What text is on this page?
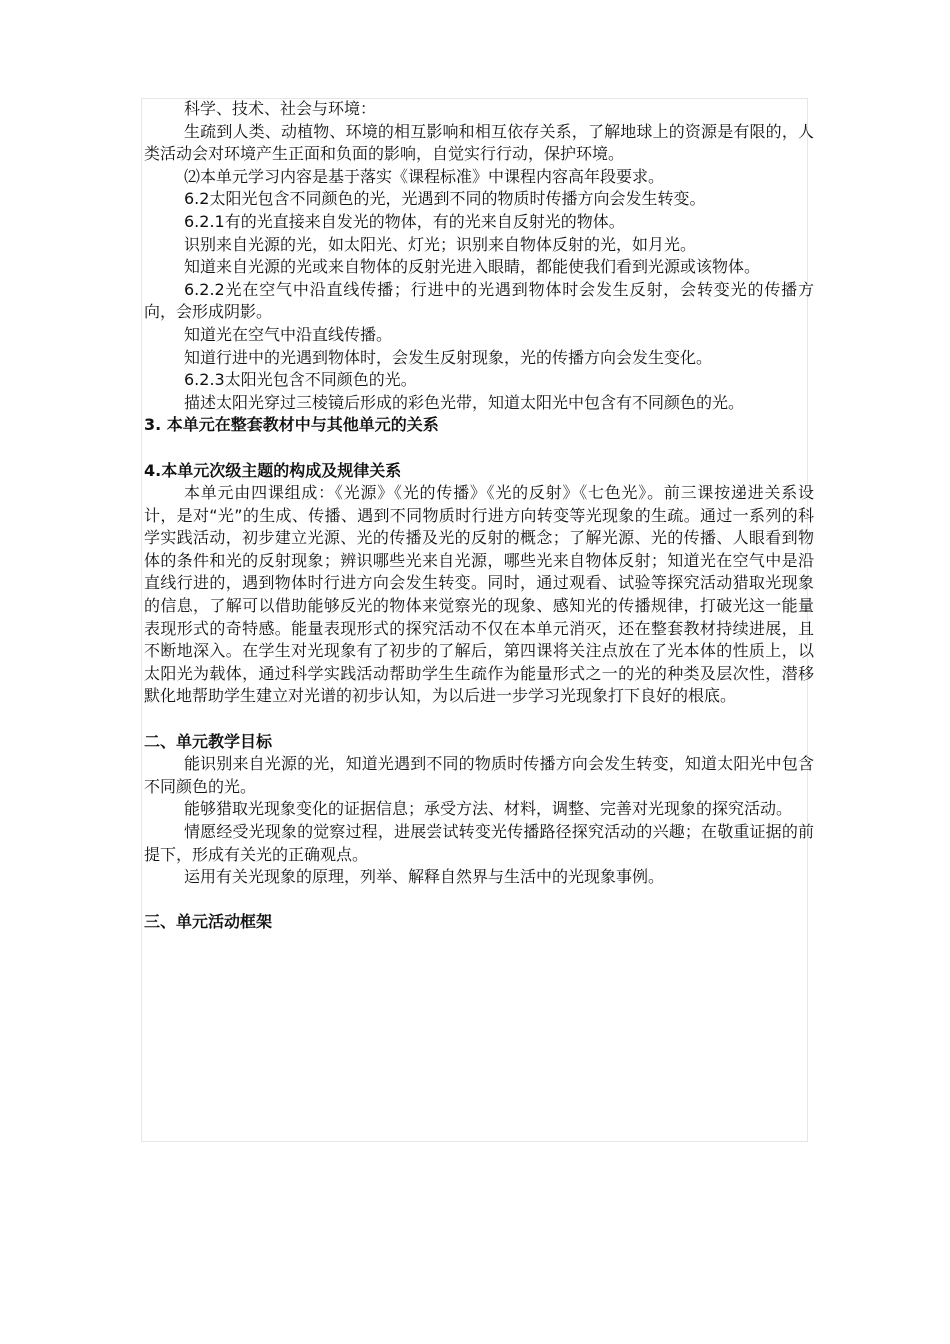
科学、技术、社会与环境：

生疏到人类、动植物、环境的相互影响和相互依存关系，了解地球上的资源是有限的，人类活动会对环境产生正面和负面的影响，自觉实行行动，保护环境。

⑵本单元学习内容是基于落实《课程标准》中课程内容高年段要求。

6.2太阳光包含不同颜色的光，光遇到不同的物质时传播方向会发生转变。

6.2.1有的光直接来自发光的物体，有的光来自反射光的物体。

识别来自光源的光，如太阳光、灯光；识别来自物体反射的光，如月光。

知道来自光源的光或来自物体的反射光进入眼睛，都能使我们看到光源或该物体。

6.2.2光在空气中沿直线传播；行进中的光遇到物体时会发生反射，会转变光的传播方向，会形成阴影。

知道光在空气中沿直线传播。

知道行进中的光遇到物体时，会发生反射现象，光的传播方向会发生变化。

6.2.3太阳光包含不同颜色的光。

描述太阳光穿过三棱镜后形成的彩色光带，知道太阳光中包含有不同颜色的光。

3. 本单元在整套教材中与其他单元的关系

4.本单元次级主题的构成及规律关系

本单元由四课组成：《光源》《光的传播》《光的反射》《七色光》。前三课按递进关系设计，是对“光”的生成、传播、遇到不同物质时行进方向转变等光现象的生疏。通过一系列的科学实践活动，初步建立光源、光的传播及光的反射的概念；了解光源、光的传播、人眼看到物体的条件和光的反射现象；辨识哪些光来自光源，哪些光来自物体反射；知道光在空气中是沿直线行进的，遇到物体时行进方向会发生转变。同时，通过观看、试验等探究活动猎取光现象的信息，了解可以借助能够反光的物体来觉察光的现象、感知光的传播规律，打破光这一能量表现形式的奇特感。能量表现形式的探究活动不仅在本单元消灭，还在整套教材持续进展，且不断地深入。在学生对光现象有了初步的了解后，第四课将关注点放在了光本体的性质上，以太阳光为载体，通过科学实践活动帮助学生生疏作为能量形式之一的光的种类及层次性，潜移默化地帮助学生建立对光谱的初步认知，为以后进一步学习光现象打下良好的根底。

二、单元教学目标

能识别来自光源的光，知道光遇到不同的物质时传播方向会发生转变，知道太阳光中包含不同颜色的光。

能够猎取光现象变化的证据信息；承受方法、材料，调整、完善对光现象的探究活动。

情愿经受光现象的觉察过程，进展尝试转变光传播路径探究活动的兴趣；在敬重证据的前提下，形成有关光的正确观点。

运用有关光现象的原理，列举、解释自然界与生活中的光现象事例。

三、单元活动框架
